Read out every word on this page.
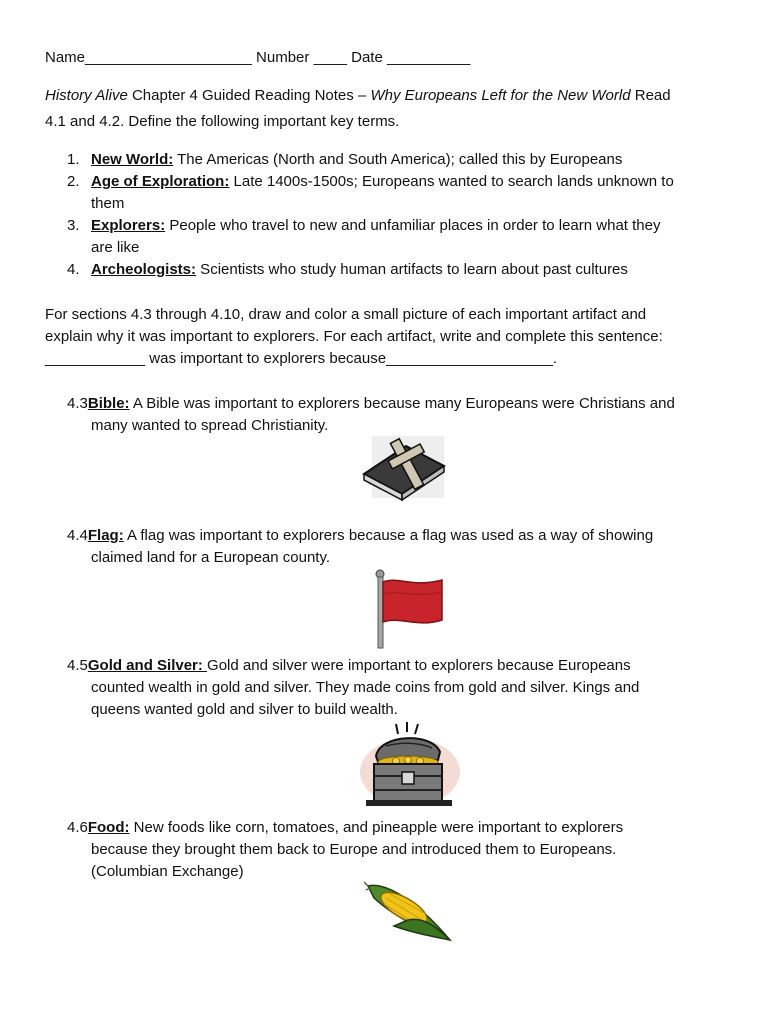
Name____________________ Number ____ Date __________
History Alive Chapter 4 Guided Reading Notes – Why Europeans Left for the New World Read
4.1 and 4.2. Define the following important key terms.
1. New World: The Americas (North and South America); called this by Europeans
2. Age of Exploration: Late 1400s-1500s; Europeans wanted to search lands unknown to
them
3. Explorers: People who travel to new and unfamiliar places in order to learn what they
are like
4. Archeologists: Scientists who study human artifacts to learn about past cultures
For sections 4.3 through 4.10, draw and color a small picture of each important artifact and
explain why it was important to explorers. For each artifact, write and complete this sentence:
____________ was important to explorers because____________________.
4.3Bible: A Bible was important to explorers because many Europeans were Christians and
many wanted to spread Christianity.
4.4Flag: A flag was important to explorers because a flag was used as a way of showing
claimed land for a European county.
4.5Gold and Silver: Gold and silver were important to explorers because Europeans
counted wealth in gold and silver. They made coins from gold and silver. Kings and
queens wanted gold and silver to build wealth.
4.6Food: New foods like corn, tomatoes, and pineapple were important to explorers
because they brought them back to Europe and introduced them to Europeans.
(Columbian Exchange)
